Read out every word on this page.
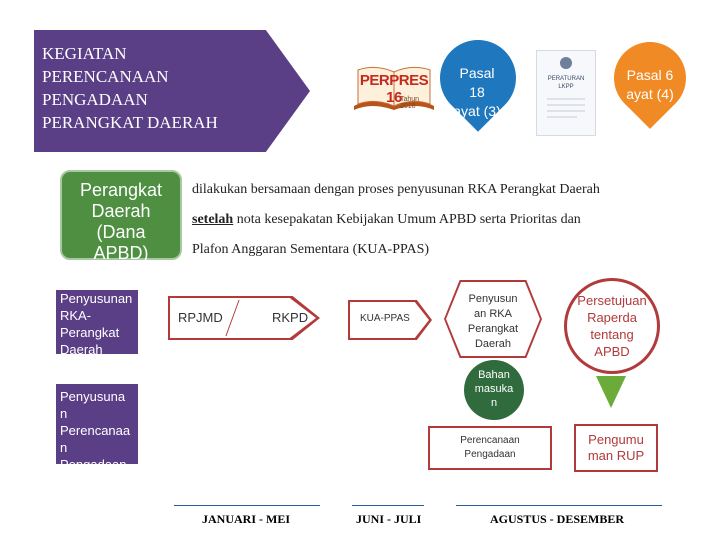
KEGIATAN
PERENCANAAN
PENGADAAN
PERANGKAT DAERAH
PERPRES 16
Tahun 2018
Pasal
18
ayat (3)
PERATURAN
LKPP
Pasal 6
ayat (4)
Perangkat
Daerah
(Dana
APBD)
Penyusunan
RKA-
Perangkat
Daerah
Penyusuna
n
Perencanaa
n
Pengadaan
dilakukan bersamaan dengan proses penyusunan RKA Perangkat Daerah
setelah nota kesepakatan Kebijakan Umum APBD serta Prioritas dan
Plafon Anggaran Sementara (KUA-PPAS)
RPJMD	RKPD	KUA-PPAS
Penyusun
an RKA
Perangkat
Daerah
Persetujuan
Raperda
tentang
APBD
Bahan
masuka
n
Perencanaan
Pengadaan
Pengumu
man RUP
JANUARI - MEI	JUNI - JULI	AGUSTUS - DESEMBER
